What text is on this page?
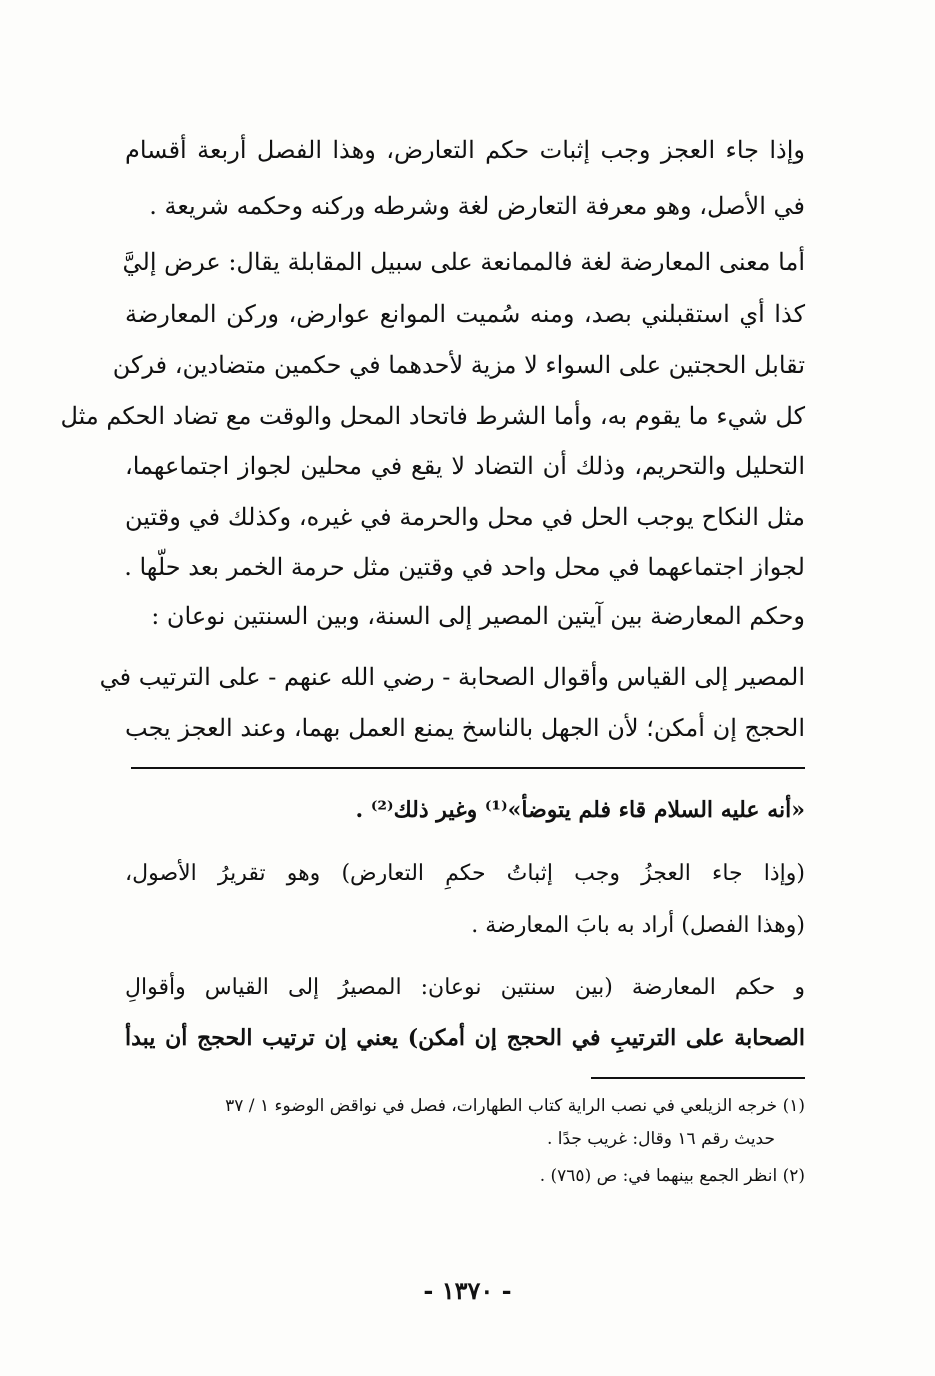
وإذا جاء العجز وجب إثبات حكم التعارض، وهذا الفصل أربعة أقسام
في الأصل، وهو معرفة التعارض لغة وشرطه وركنه وحكمه شريعة .
أما معنى المعارضة لغة فالممانعة على سبيل المقابلة يقال: عرض إليَّ
كذا أي استقبلني بصد، ومنه سُميت الموانع عوارض، وركن المعارضة
تقابل الحجتين على السواء لا مزية لأحدهما في حكمين متضادين، فركن
كل شيء ما يقوم به، وأما الشرط فاتحاد المحل والوقت مع تضاد الحكم مثل
التحليل والتحريم، وذلك أن التضاد لا يقع في محلين لجواز اجتماعهما،
مثل النكاح يوجب الحل في محل والحرمة في غيره، وكذلك في وقتين
لجواز اجتماعهما في محل واحد في وقتين مثل حرمة الخمر بعد حلّها .
وحكم المعارضة بين آيتين المصير إلى السنة، وبين السنتين نوعان :
المصير إلى القياس وأقوال الصحابة - رضي الله عنهم - على الترتيب في
الحجج إن أمكن؛ لأن الجهل بالناسخ يمنع العمل بهما، وعند العجز يجب
«أنه عليه السلام قاء فلم يتوضأ»⁽¹⁾ وغير ذلك⁽²⁾ .
(وإذا جاء العجزُ وجب إثباتُ حكمِ التعارض) وهو تقريرُ الأصول،
(وهذا الفصل) أراد به بابَ المعارضة .
و حكم المعارضة (بين سنتين نوعان: المصيرُ إلى القياس وأقوالِ
الصحابة على الترتيبِ في الحجج إن أمكن) يعني إن ترتيب الحجج أن يبدأ
(١) خرجه الزيلعي في نصب الراية كتاب الطهارات، فصل في نواقض الوضوء ١ / ٣٧
حديث رقم ١٦ وقال: غريب جدًا .
(٢) انظر الجمع بينهما في: ص (٧٦٥) .
- ١٣٧٠ -
